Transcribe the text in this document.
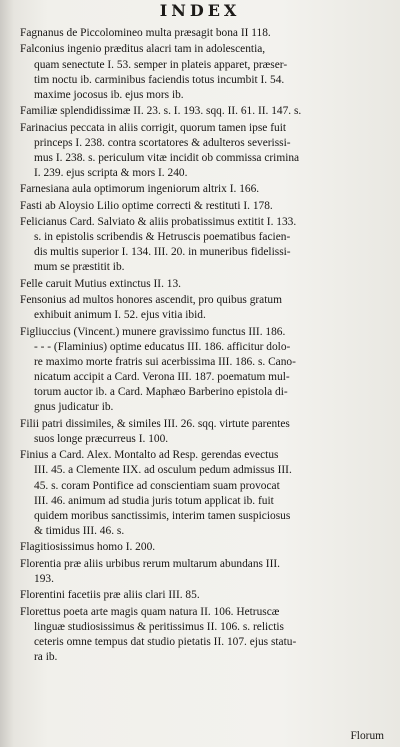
INDEX
Fagnanus de Piccolomineo multa præsagit bona II 118.
Falconius ingenio præditus alacri tam in adolescentia,
quam senectute I. 53. semper in plateis apparet, præser-
tim noctu ib. carminibus faciendis totus incumbit I. 54.
maxime jocosus ib. ejus mors ib.
Familiæ splendidissimæ II. 23. s. I. 193. sqq. II. 61. II. 147. s.
Farinacius peccata in aliis corrigit, quorum tamen ipse fuit
princeps I. 238. contra scortatores & adulteros severissi-
mus I. 238. s. periculum vitæ incidit ob commissa crimina
I. 239. ejus scripta & mors I. 240.
Farnesiana aula optimorum ingeniorum altrix I. 166.
Fasti ab Aloysio Lilio optime correcti & restituti I. 178.
Felicianus Card. Salviato & aliis probatissimus extitit I. 133.
s. in epistolis scribendis & Hetruscis poematibus facien-
dis multis superior I. 134. III. 20. in muneribus fidelissi-
mum se præstitit ib.
Felle caruit Mutius extinctus II. 13.
Fensonius ad multos honores ascendit, pro quibus gratum
exhibuit animum I. 52. ejus vitia ibid.
Figliuccius (Vincent.) munere gravissimo functus III. 186.
- - - (Flaminius) optime educatus III. 186. afficitur dolo-
re maximo morte fratris sui acerbissima III. 186. s. Cano-
nicatum accipit a Card. Verona III. 187. poematum mul-
torum auctor ib. a Card. Maphæo Barberino epistola di-
gnus judicatur ib.
Filii patri dissimiles, & similes III. 26. sqq. virtute parentes
suos longe præcurreus I. 100.
Finius a Card. Alex. Montalto ad Resp. gerendas evectus
III. 45. a Clemente IIX. ad osculum pedum admissus III.
45. s. coram Pontifice ad conscientiam suam provocat
III. 46. animum ad studia juris totum applicat ib. fuit
quidem moribus sanctissimis, interim tamen suspiciosus
& timidus III. 46. s.
Flagitiosissimus homo I. 200.
Florentia præ aliis urbibus rerum multarum abundans III.
193.
Florentini facetiis præ aliis clari III. 85.
Florettus poeta arte magis quam natura II. 106. Hetruscæ
linguæ studiosissimus & peritissimus II. 106. s. relictis
ceteris omne tempus dat studio pietatis II. 107. ejus statu-
ra ib.
Florum
